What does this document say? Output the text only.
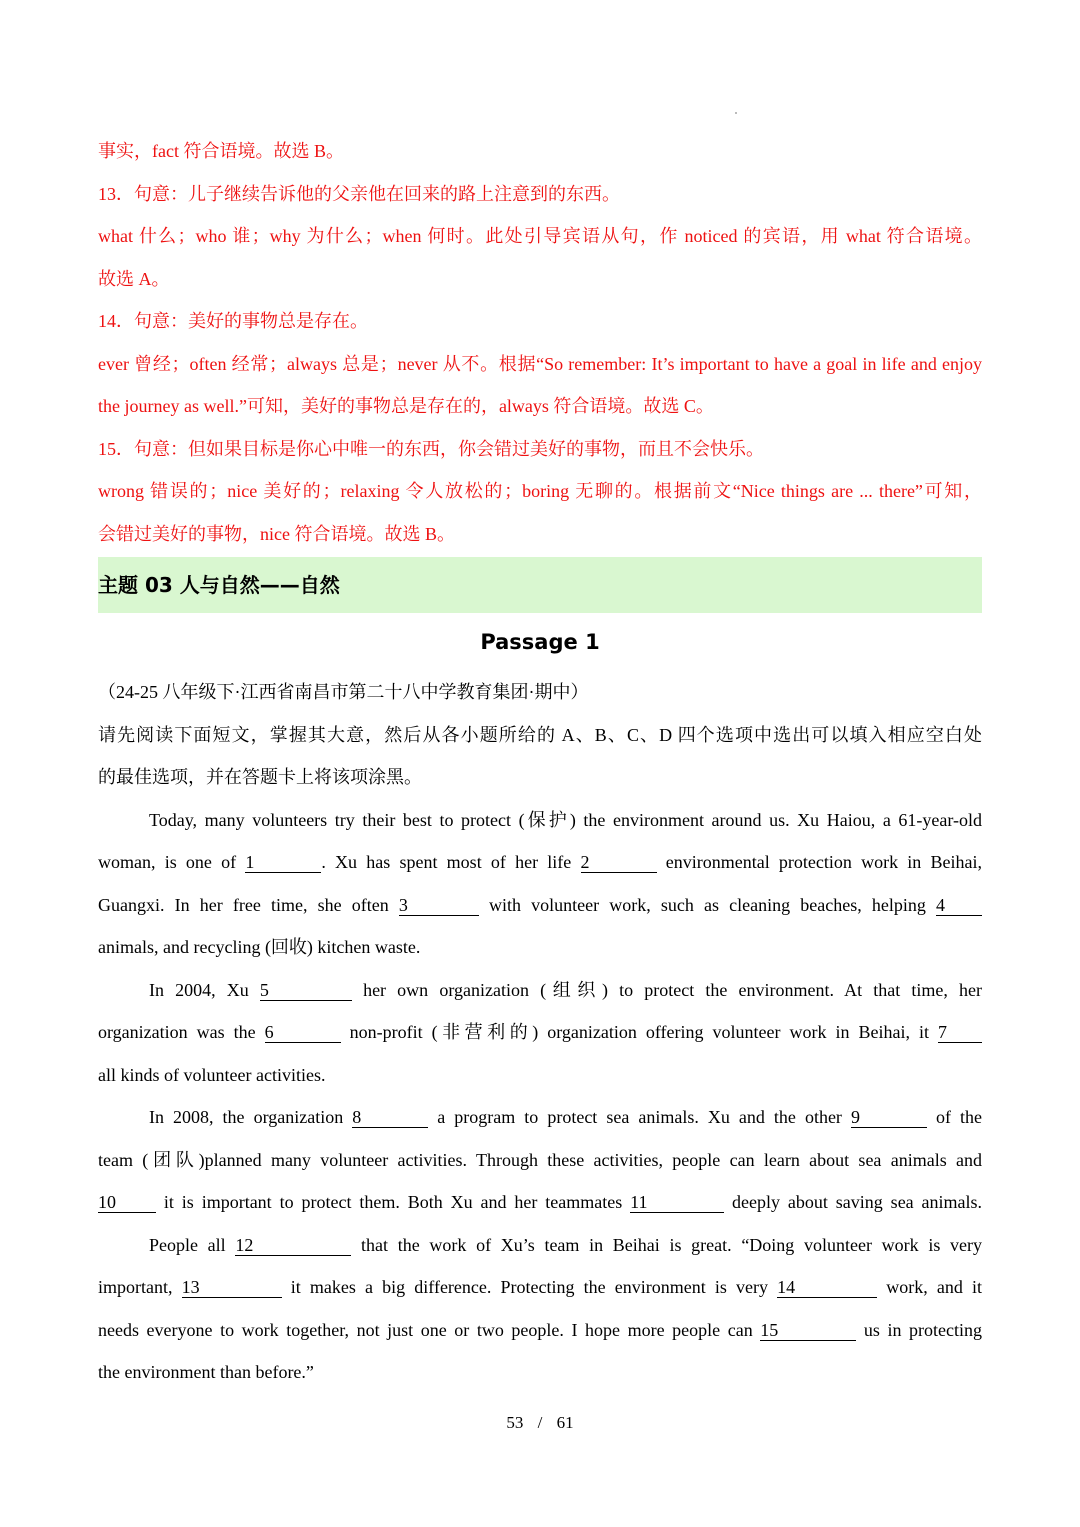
事实，fact 符合语境。故选 B。
13．句意：儿子继续告诉他的父亲他在回来的路上注意到的东西。
what 什么；who 谁；why 为什么；when 何时。此处引导宾语从句，作 noticed 的宾语，用 what 符合语境。
故选 A。
14．句意：美好的事物总是存在。
ever 曾经；often 经常；always 总是；never 从不。根据“So remember: It’s important to have a goal in life and enjoy
the journey as well.”可知，美好的事物总是存在的，always 符合语境。故选 C。
15．句意：但如果目标是你心中唯一的东西，你会错过美好的事物，而且不会快乐。
wrong 错误的；nice 美好的；relaxing 令人放松的；boring 无聊的。根据前文“Nice things are ... there”可知，
会错过美好的事物，nice 符合语境。故选 B。
主题 03 人与自然——自然
Passage 1
（24-25 八年级下·江西省南昌市第二十八中学教育集团·期中）
请先阅读下面短文，掌握其大意，然后从各小题所给的 A、B、C、D 四个选项中选出可以填入相应空白处
的最佳选项，并在答题卡上将该项涂黑。
Today, many volunteers try their best to protect (保护) the environment around us. Xu Haiou, a 61-year-old
woman, is one of 1	. Xu has spent most of her life 2	environmental protection work in Beihai,
Guangxi. In her free time, she often 3	with volunteer work, such as cleaning beaches, helping 4
animals, and recycling (回收) kitchen waste.
In 2004, Xu 5	her own organization (组织) to protect the environment. At that time, her
organization was the 6	non-profit (非营利的) organization offering volunteer work in Beihai, it 7
all kinds of volunteer activities.
In 2008, the organization 8	a program to protect sea animals. Xu and the other 9	of the
team (团队)planned many volunteer activities. Through these activities, people can learn about sea animals and
10	it is important to protect them. Both Xu and her teammates 11	deeply about saving sea animals.
People all 12	that the work of Xu’s team in Beihai is great. “Doing volunteer work is very
important, 13	it makes a big difference. Protecting the environment is very 14	work, and it
needs everyone to work together, not just one or two people. I hope more people can 15	us in protecting
the environment than before.”
53 / 61
